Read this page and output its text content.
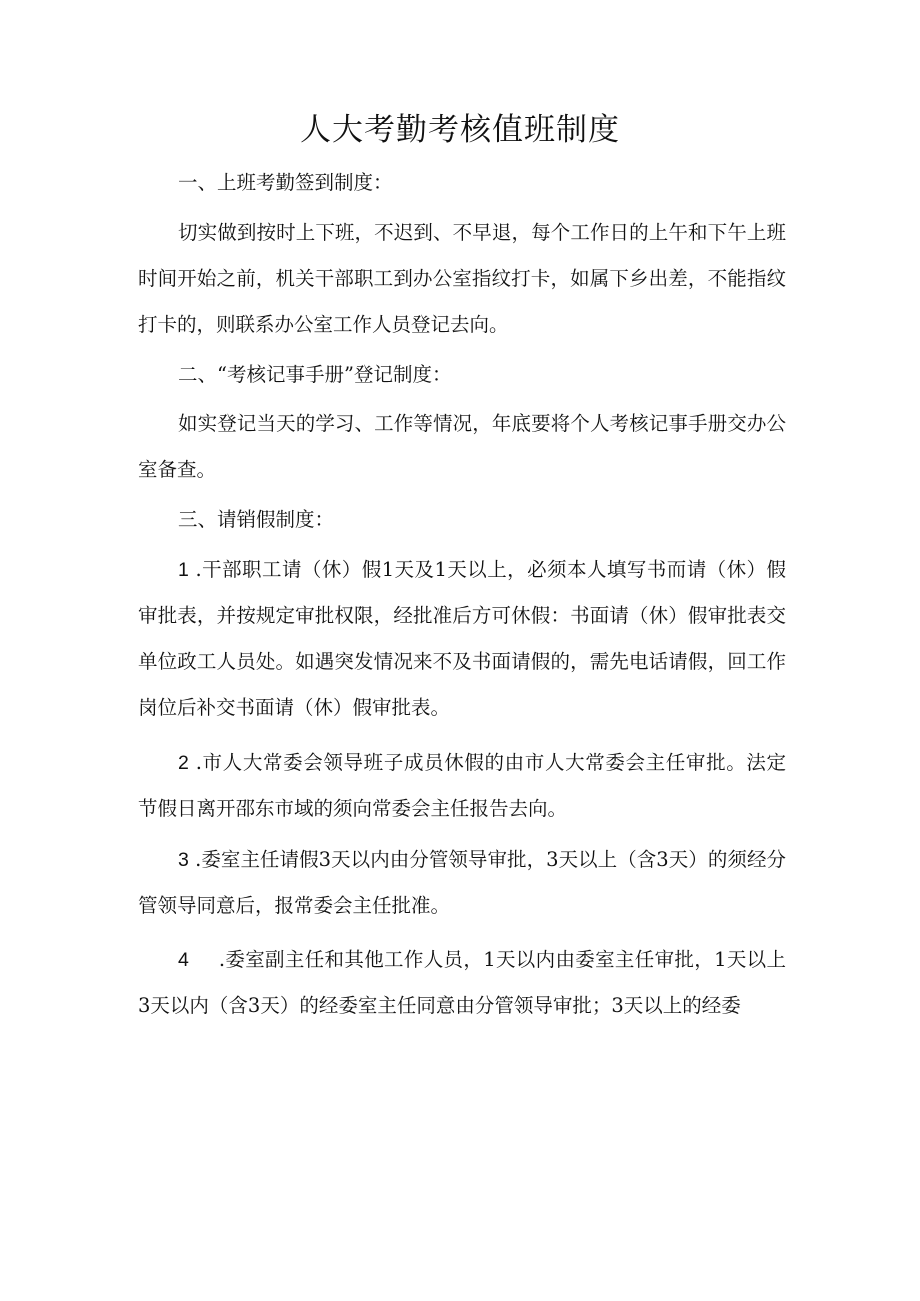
人大考勤考核值班制度

一、上班考勤签到制度：

切实做到按时上下班，不迟到、不早退，每个工作日的上午和下午上班时间开始之前，机关干部职工到办公室指纹打卡，如属下乡出差，不能指纹打卡的，则联系办公室工作人员登记去向。

二、“考核记事手册”登记制度：

如实登记当天的学习、工作等情况，年底要将个人考核记事手册交办公室备查。

三、请销假制度：

1 .干部职工请（休）假1天及1天以上，必须本人填写书而请（休）假审批表，并按规定审批权限，经批准后方可休假：书面请（休）假审批表交单位政工人员处。如遇突发情况来不及书面请假的，需先电话请假，回工作岗位后补交书面请（休）假审批表。

2 .市人大常委会领导班子成员休假的由市人大常委会主任审批。法定节假日离开邵东市域的须向常委会主任报告去向。

3 .委室主任请假3天以内由分管领导审批，3天以上（含3天）的须经分管领导同意后，报常委会主任批准。

4 .委室副主任和其他工作人员，1天以内由委室主任审批，1天以上3天以内（含3天）的经委室主任同意由分管领导审批；3天以上的经委
